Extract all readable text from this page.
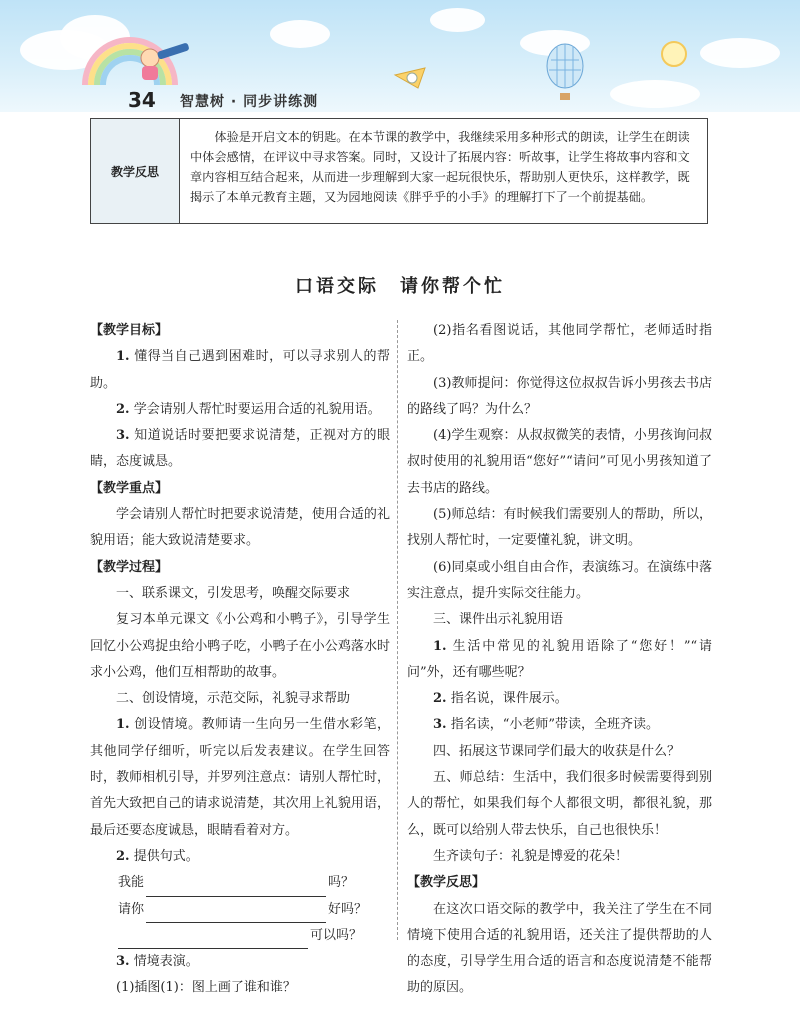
34 智慧树 · 同步讲练测
教学反思
体验是开启文本的钥匙。在本节课的教学中，我继续采用多种形式的朗读，让学生在朗读中体会感情，在评议中寻求答案。同时，又设计了拓展内容：听故事，让学生将故事内容和文章内容相互结合起来，从而进一步理解到大家一起玩很快乐，帮助别人更快乐，这样教学，既揭示了本单元教育主题，又为园地阅读《胖乎乎的小手》的理解打下了一个前提基础。
口语交际　请你帮个忙

【教学目标】

1. 懂得当自己遇到困难时，可以寻求别人的帮助。

2. 学会请别人帮忙时要运用合适的礼貌用语。

3. 知道说话时要把要求说清楚，正视对方的眼睛，态度诚恳。

【教学重点】

学会请别人帮忙时把要求说清楚，使用合适的礼貌用语；能大致说清楚要求。

【教学过程】

一、联系课文，引发思考，唤醒交际要求

复习本单元课文《小公鸡和小鸭子》，引导学生回忆小公鸡捉虫给小鸭子吃，小鸭子在小公鸡落水时求小公鸡，他们互相帮助的故事。

二、创设情境，示范交际，礼貌寻求帮助

1. 创设情境。教师请一生向另一生借水彩笔，其他同学仔细听，听完以后发表建议。在学生回答时，教师相机引导，并罗列注意点：请别人帮忙时，首先大致把自己的请求说清楚，其次用上礼貌用语，最后还要态度诚恳，眼睛看着对方。

2. 提供句式。

我能	吗？
请你	好吗？
可以吗？

3. 情境表演。

(1)插图(1)：图上画了谁和谁？

(2)指名看图说话，其他同学帮忙，老师适时指正。

(3)教师提问：你觉得这位叔叔告诉小男孩去书店的路线了吗？为什么？

(4)学生观察：从叔叔微笑的表情，小男孩询问叔叔时使用的礼貌用语“您好”“请问”可见小男孩知道了去书店的路线。

(5)师总结：有时候我们需要别人的帮助，所以，找别人帮忙时，一定要懂礼貌，讲文明。

(6)同桌或小组自由合作，表演练习。在演练中落实注意点，提升实际交往能力。

三、课件出示礼貌用语

1. 生活中常见的礼貌用语除了“您好！”“请问”外，还有哪些呢？

2. 指名说，课件展示。

3. 指名读，“小老师”带读，全班齐读。

四、拓展这节课同学们最大的收获是什么？

五、师总结：生活中，我们很多时候需要得到别人的帮忙，如果我们每个人都很文明，都很礼貌，那么，既可以给别人带去快乐，自己也很快乐！

生齐读句子：礼貌是博爱的花朵！

【教学反思】

在这次口语交际的教学中，我关注了学生在不同情境下使用合适的礼貌用语，还关注了提供帮助的人的态度，引导学生用合适的语言和态度说清楚不能帮助的原因。
